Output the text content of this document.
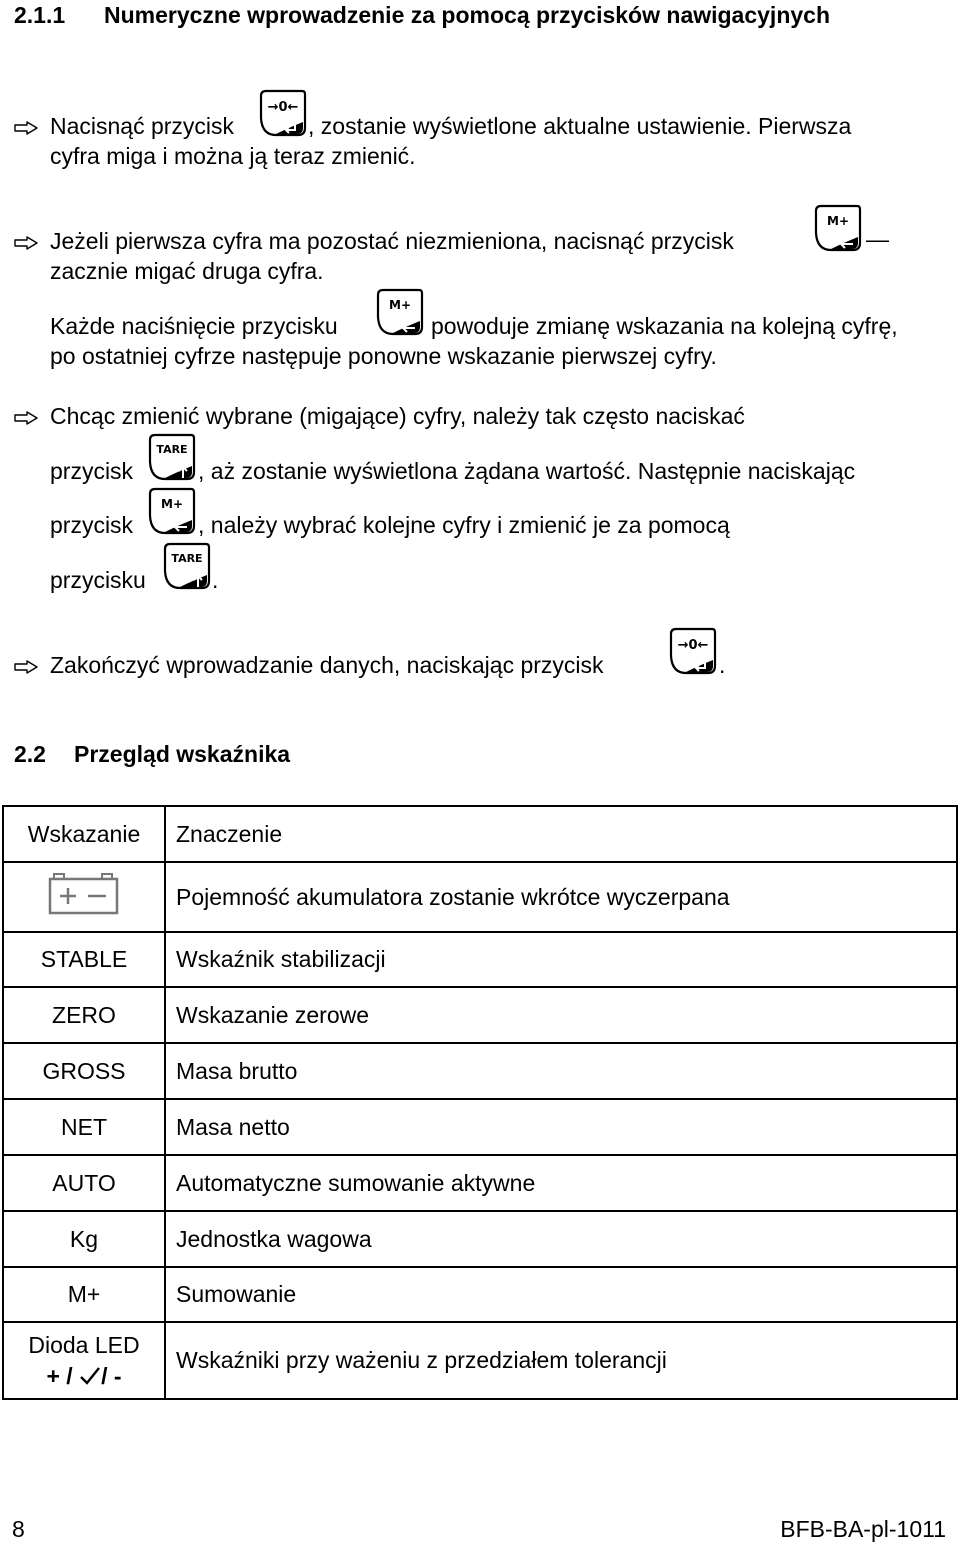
2.1.1 Numeryczne wprowadzenie za pomocą przycisków nawigacyjnych
Nacisnąć przycisk
→0←
, zostanie wyświetlone aktualne ustawienie. Pierwsza
cyfra miga i można ją teraz zmienić.
Jeżeli pierwsza cyfra ma pozostać niezmieniona, nacisnąć przycisk
M+
—
zacznie migać druga cyfra.
Każde naciśnięcie przycisku
M+
powoduje zmianę wskazania na kolejną cyfrę,
po ostatniej cyfrze następuje ponowne wskazanie pierwszej cyfry.
Chcąc zmienić wybrane (migające) cyfry, należy tak często naciskać
przycisk
TARE
, aż zostanie wyświetlona żądana wartość. Następnie naciskając
przycisk
M+
, należy wybrać kolejne cyfry i zmienić je za pomocą
przycisku
TARE
.
Zakończyć wprowadzanie danych, naciskając przycisk
→0←
.
2.2 Przegląd wskaźnika
Wskazanie	Znaczenie
	Pojemność akumulatora zostanie wkrótce wyczerpana
STABLE	Wskaźnik stabilizacji
ZERO	Wskazanie zerowe
GROSS	Masa brutto
NET	Masa netto
AUTO	Automatyczne sumowanie aktywne
Kg	Jednostka wagowa
M+	Sumowanie

Dioda LED
+ / / -	Wskaźniki przy ważeniu z przedziałem tolerancji
8	BFB-BA-pl-1011
